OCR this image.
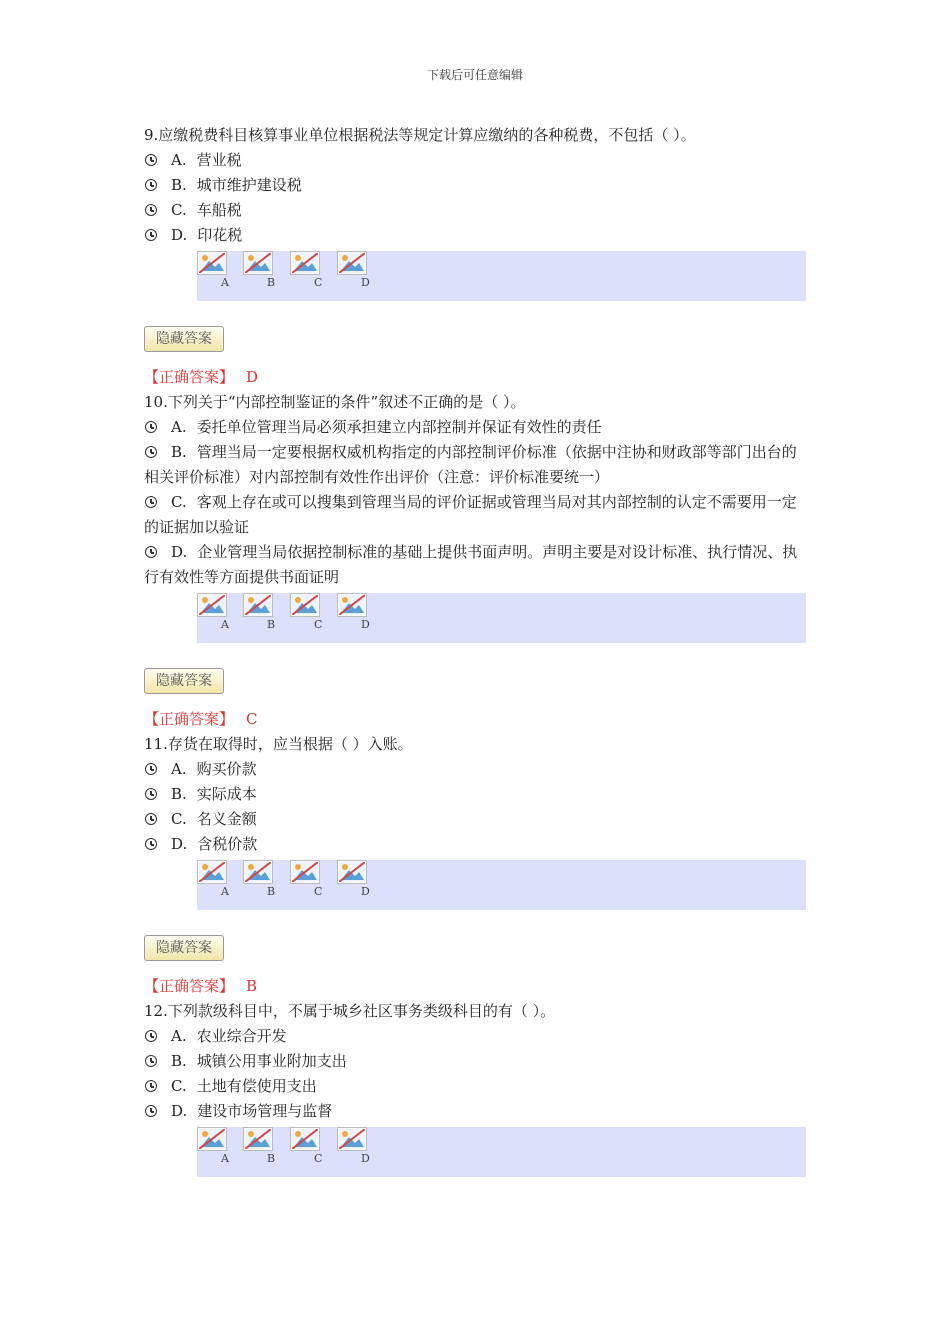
下载后可任意编辑
9.应缴税费科目核算事业单位根据税法等规定计算应缴纳的各种税费，不包括（ ）。
A. 营业税
B. 城市维护建设税
C. 车船税
D. 印花税
A	B	C	D
隐藏答案
【正确答案】 D
10.下列关于“内部控制鉴证的条件”叙述不正确的是（ ）。
A. 委托单位管理当局必须承担建立内部控制并保证有效性的责任
B. 管理当局一定要根据权威机构指定的内部控制评价标准（依据中注协和财政部等部门出台的相关评价标准）对内部控制有效性作出评价（注意：评价标准要统一）
C. 客观上存在或可以搜集到管理当局的评价证据或管理当局对其内部控制的认定不需要用一定的证据加以验证
D. 企业管理当局依据控制标准的基础上提供书面声明。声明主要是对设计标准、执行情况、执行有效性等方面提供书面证明
A	B	C	D
隐藏答案
【正确答案】 C
11.存货在取得时，应当根据（ ）入账。
A. 购买价款
B. 实际成本
C. 名义金额
D. 含税价款
A	B	C	D
隐藏答案
【正确答案】 B
12.下列款级科目中，不属于城乡社区事务类级科目的有（ ）。
A. 农业综合开发
B. 城镇公用事业附加支出
C. 土地有偿使用支出
D. 建设市场管理与监督
A	B	C	D
